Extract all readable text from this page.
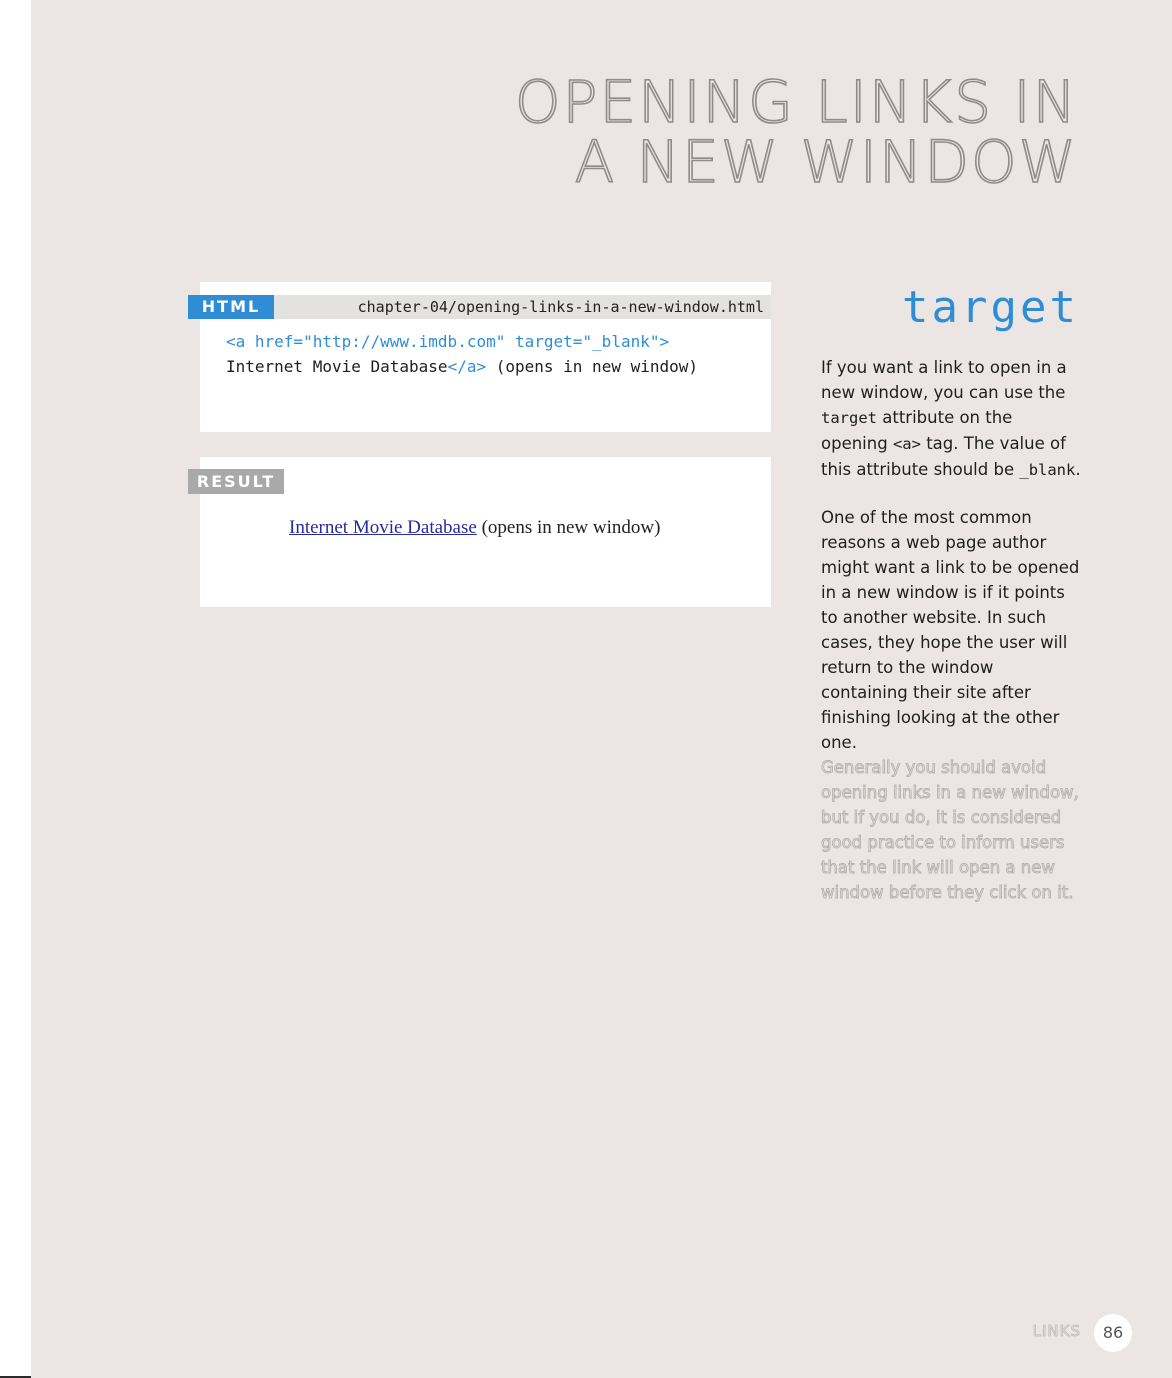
OPENING LINKS IN
A NEW WINDOW
HTML	chapter-04/opening-links-in-a-new-window.html
<a href="http://www.imdb.com" target="_blank">
Internet Movie Database</a> (opens in new window)
RESULT
Internet Movie Database (opens in new window)
target

If you want a link to open in a new window, you can use the target attribute on the opening <a> tag. The value of this attribute should be _blank.

One of the most common reasons a web page author might want a link to be opened in a new window is if it points to another website. In such cases, they hope the user will return to the window containing their site after finishing looking at the other one.

Generally you should avoid opening links in a new window, but if you do, it is considered good practice to inform users that the link will open a new window before they click on it.

LINKS	86
